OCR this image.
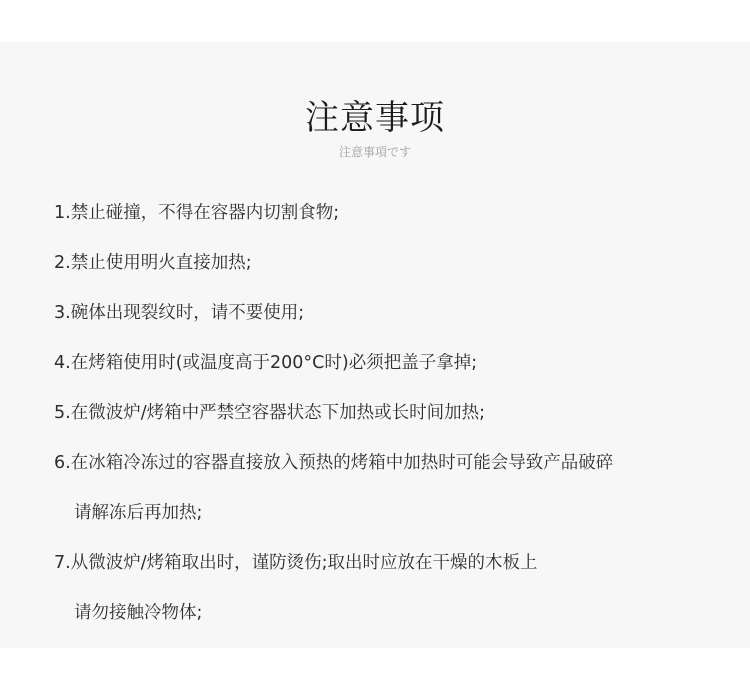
注意事项
注意事項です
1.禁止碰撞，不得在容器内切割食物;
2.禁止使用明火直接加热;
3.碗体出现裂纹时，请不要使用;
4.在烤箱使用时(或温度高于200°C时)必须把盖子拿掉;
5.在微波炉/烤箱中严禁空容器状态下加热或长时间加热;
6.在冰箱冷冻过的容器直接放入预热的烤箱中加热时可能会导致产品破碎
请解冻后再加热;
7.从微波炉/烤箱取出时，谨防烫伤;取出时应放在干燥的木板上
请勿接触冷物体;
